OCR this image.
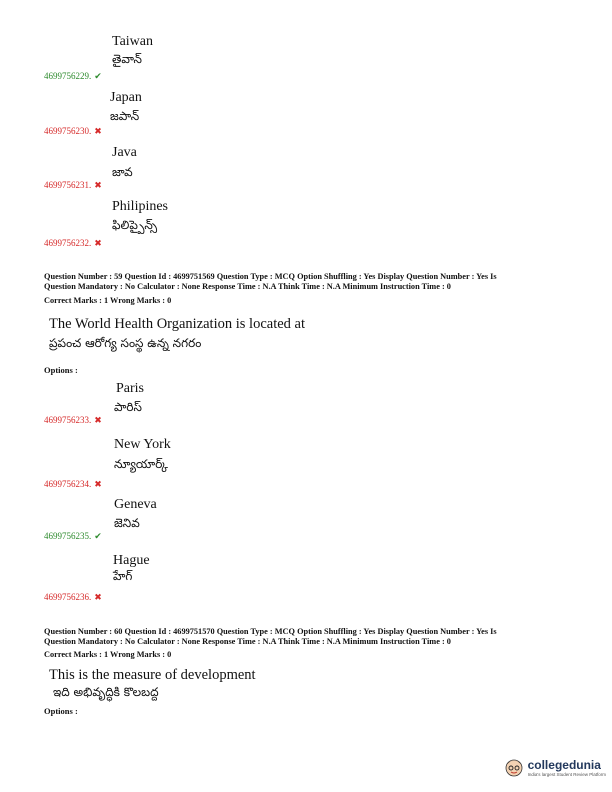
Taiwan
తైవాన్
4699756229. ✔
Japan
జపాన్
4699756230. ✖
Java
జావ
4699756231. ✖
Philipines
ఫిలిప్పైన్స్
4699756232. ✖
Question Number : 59 Question Id : 4699751569 Question Type : MCQ Option Shuffling : Yes Display Question Number : Yes Is
Question Mandatory : No Calculator : None Response Time : N.A Think Time : N.A Minimum Instruction Time : 0
Correct Marks : 1 Wrong Marks : 0
The World Health Organization is located at
ప్రపంచ ఆరోగ్య సంస్థ ఉన్న నగరం
Options :
Paris
పారిస్
4699756233. ✖
New York
న్యూయార్క్
4699756234. ✖
Geneva
జెనివ
4699756235. ✔
Hague
హేగ్
4699756236. ✖
Question Number : 60 Question Id : 4699751570 Question Type : MCQ Option Shuffling : Yes Display Question Number : Yes Is
Question Mandatory : No Calculator : None Response Time : N.A Think Time : N.A Minimum Instruction Time : 0
Correct Marks : 1 Wrong Marks : 0
This is the measure of development
ఇది అభివృద్ధికి కొలబద్ద
Options :
collegedunia
India's largest Student Review Platform
